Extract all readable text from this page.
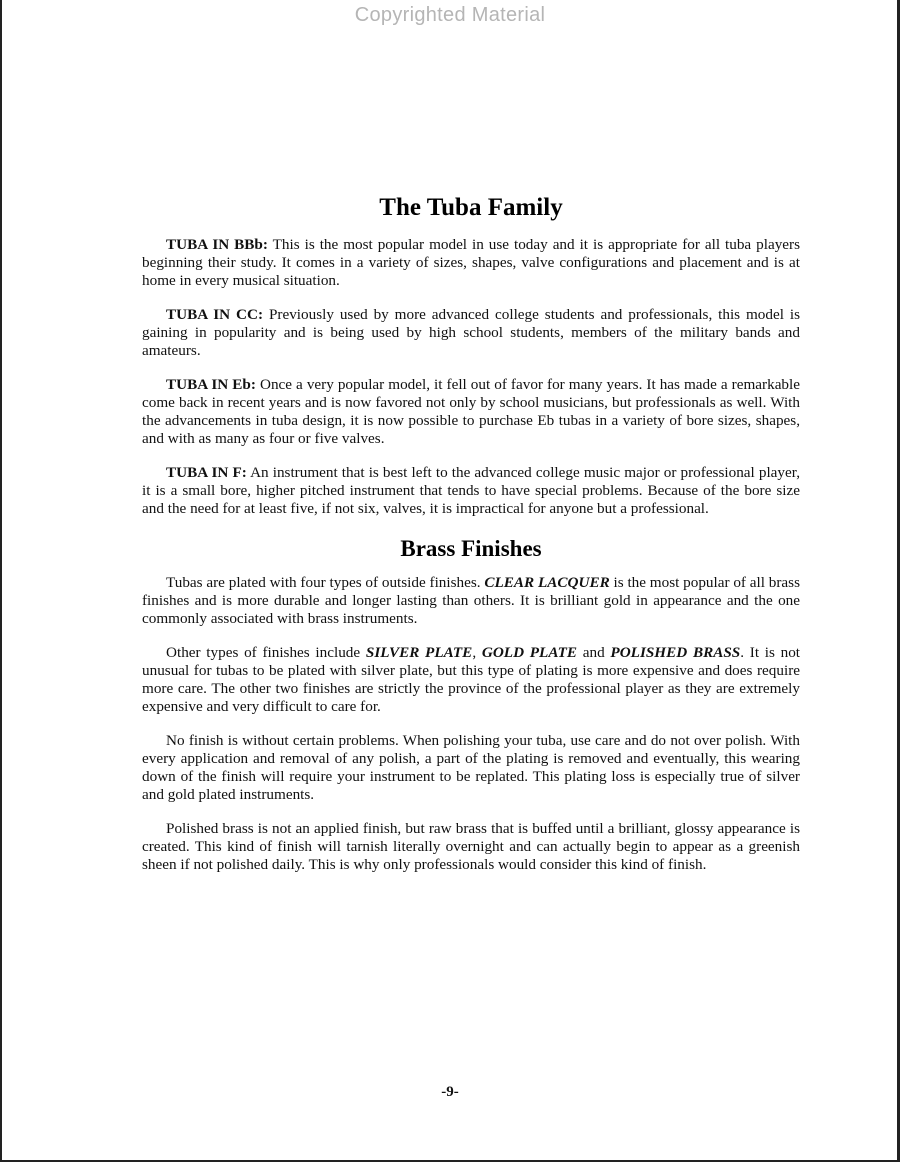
Copyrighted Material
The Tuba Family

TUBA IN BBb: This is the most popular model in use today and it is appropriate for all tuba players beginning their study. It comes in a variety of sizes, shapes, valve configurations and placement and is at home in every musical situation.

TUBA IN CC: Previously used by more advanced college students and professionals, this model is gaining in popularity and is being used by high school students, members of the military bands and amateurs.

TUBA IN Eb: Once a very popular model, it fell out of favor for many years. It has made a remarkable come back in recent years and is now favored not only by school musicians, but professionals as well. With the advancements in tuba design, it is now possible to purchase Eb tubas in a variety of bore sizes, shapes, and with as many as four or five valves.

TUBA IN F: An instrument that is best left to the advanced college music major or professional player, it is a small bore, higher pitched instrument that tends to have special problems. Because of the bore size and the need for at least five, if not six, valves, it is impractical for anyone but a professional.

Brass Finishes

Tubas are plated with four types of outside finishes. CLEAR LACQUER is the most popular of all brass finishes and is more durable and longer lasting than others. It is brilliant gold in appearance and the one commonly associated with brass instruments.

Other types of finishes include SILVER PLATE, GOLD PLATE and POLISHED BRASS. It is not unusual for tubas to be plated with silver plate, but this type of plating is more expensive and does require more care. The other two finishes are strictly the province of the professional player as they are extremely expensive and very difficult to care for.

No finish is without certain problems. When polishing your tuba, use care and do not over polish. With every application and removal of any polish, a part of the plating is removed and eventually, this wearing down of the finish will require your instrument to be replated. This plating loss is especially true of silver and gold plated instruments.

Polished brass is not an applied finish, but raw brass that is buffed until a brilliant, glossy appearance is created. This kind of finish will tarnish literally overnight and can actually begin to appear as a greenish sheen if not polished daily. This is why only professionals would consider this kind of finish.

-9-
